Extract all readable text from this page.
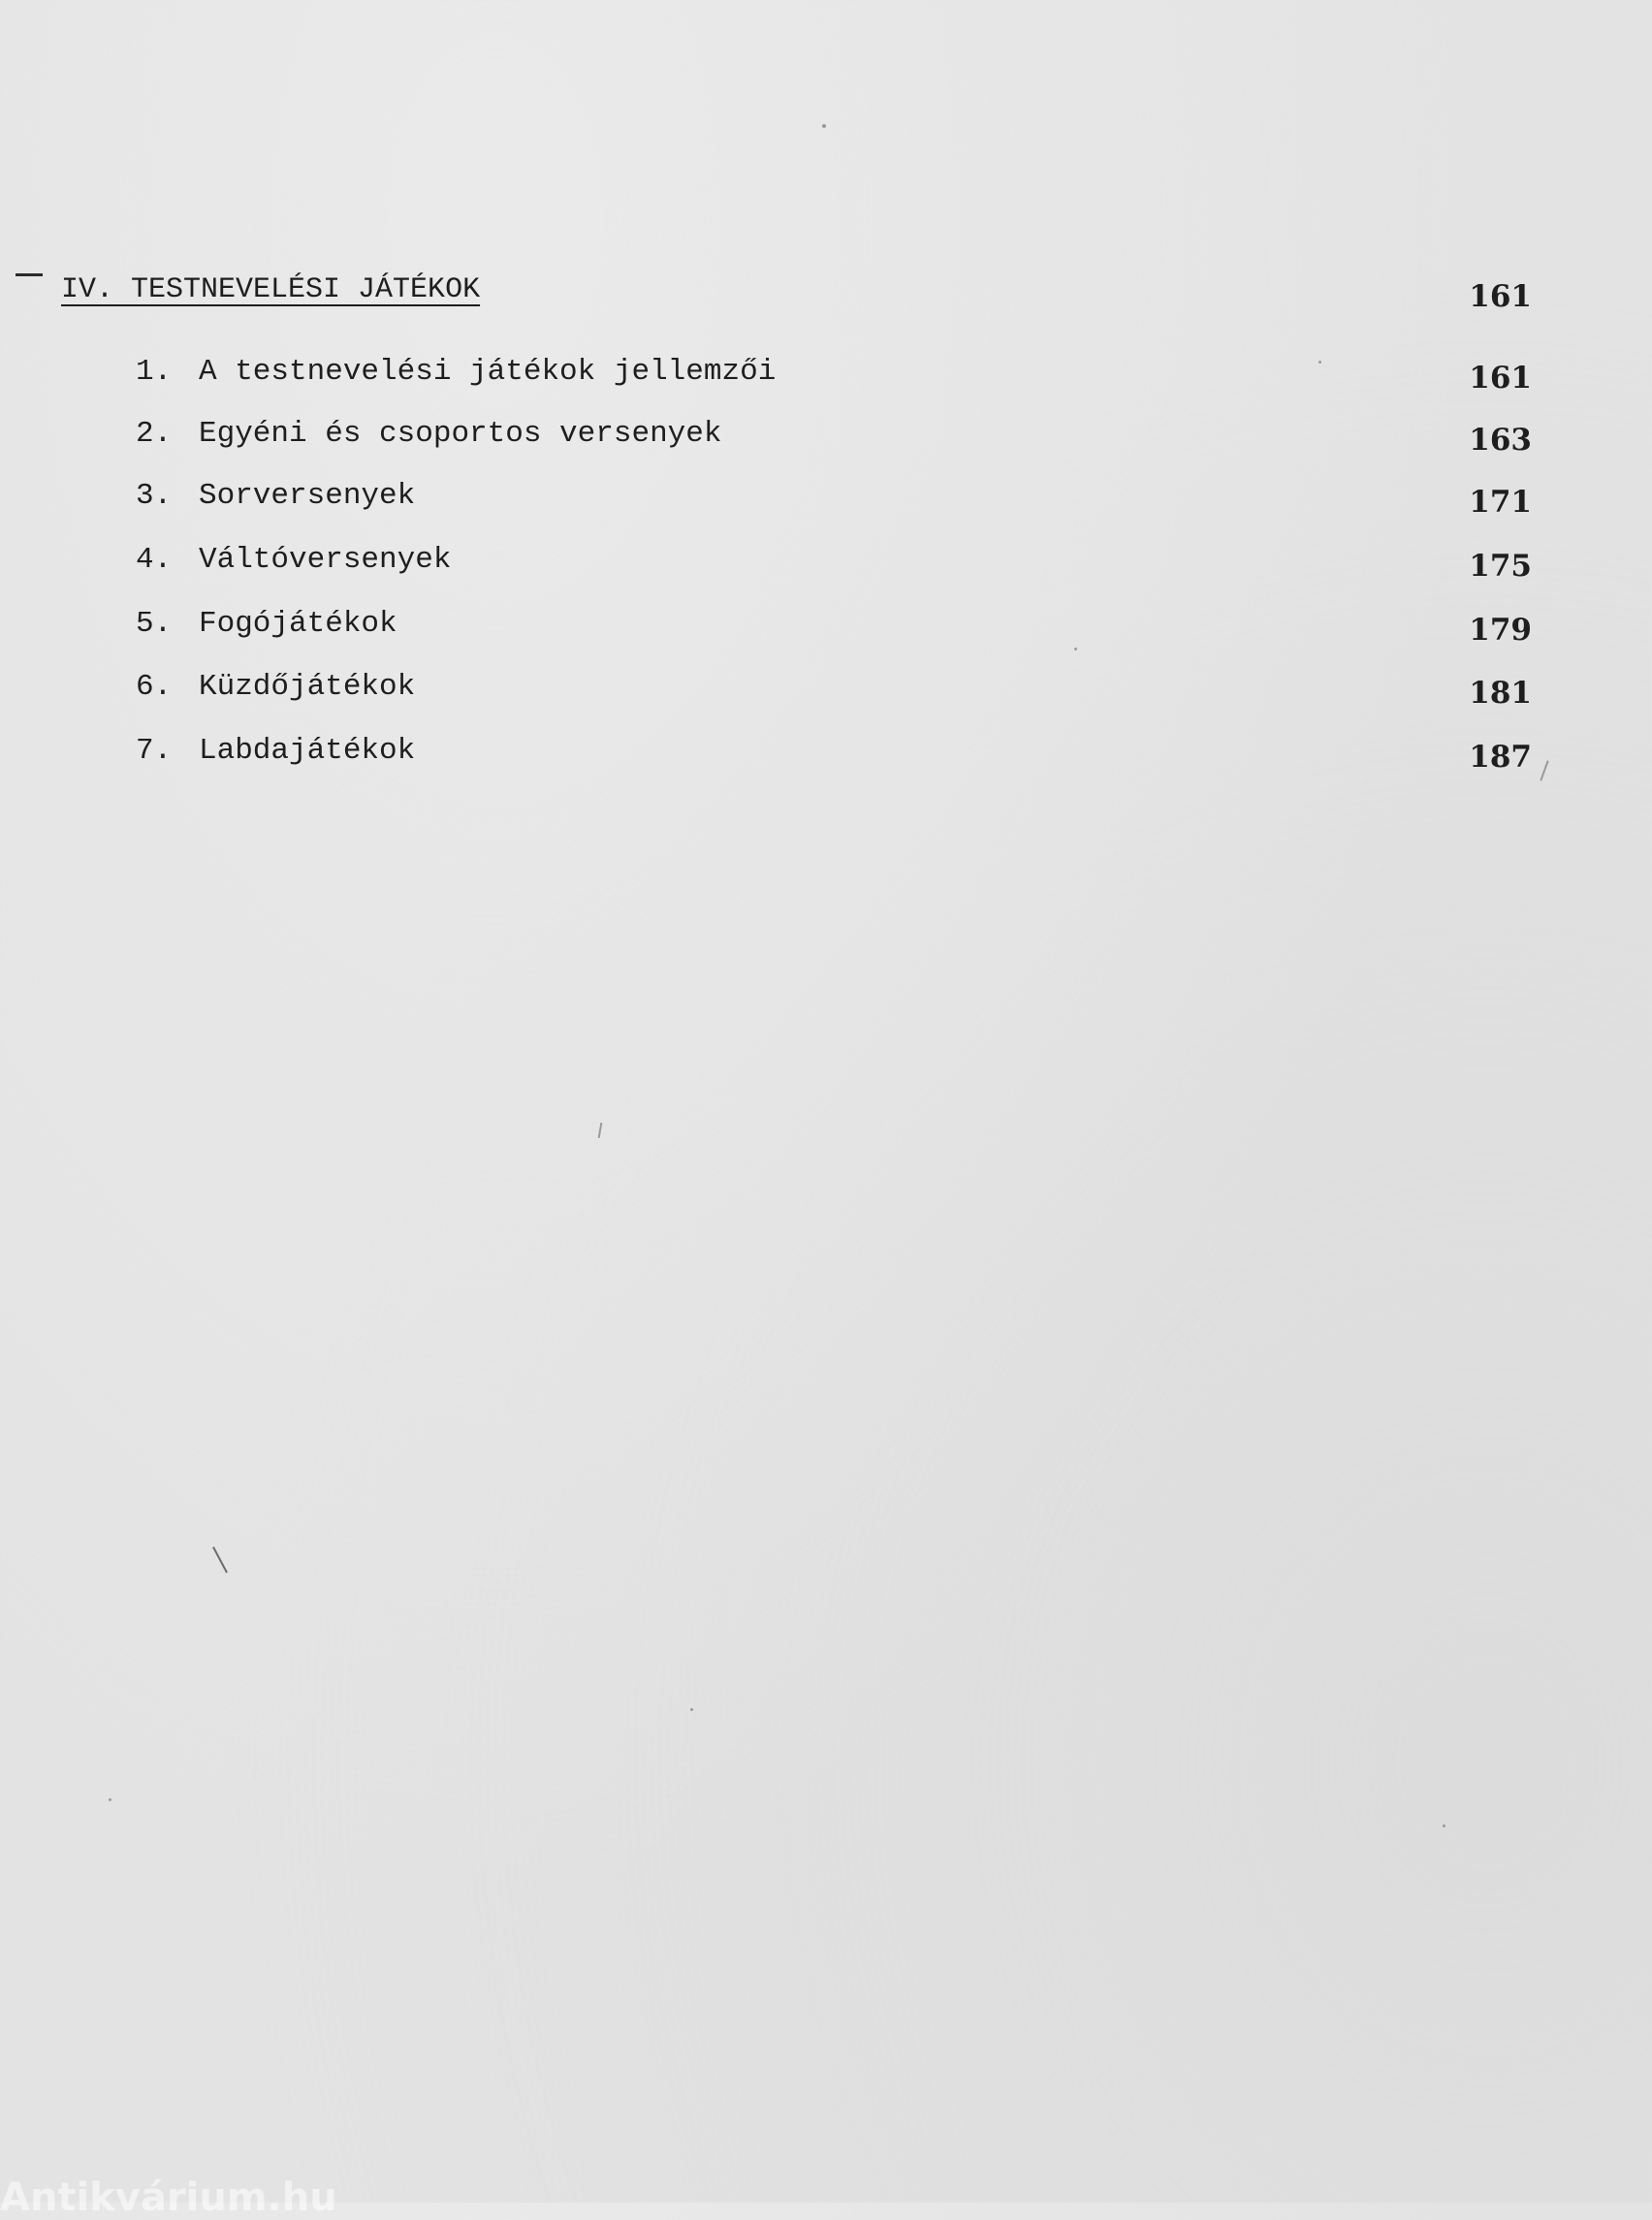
IV. TESTNEVELÉSI JÁTÉKOK	161
1. A testnevelési játékok jellemzői	161
2. Egyéni és csoportos versenyek	163
3. Sorversenyek	171
4. Váltóversenyek	175
5. Fogójátékok	179
6. Küzdőjátékok	181
7. Labdajátékok	187
Antikvárium.hu
